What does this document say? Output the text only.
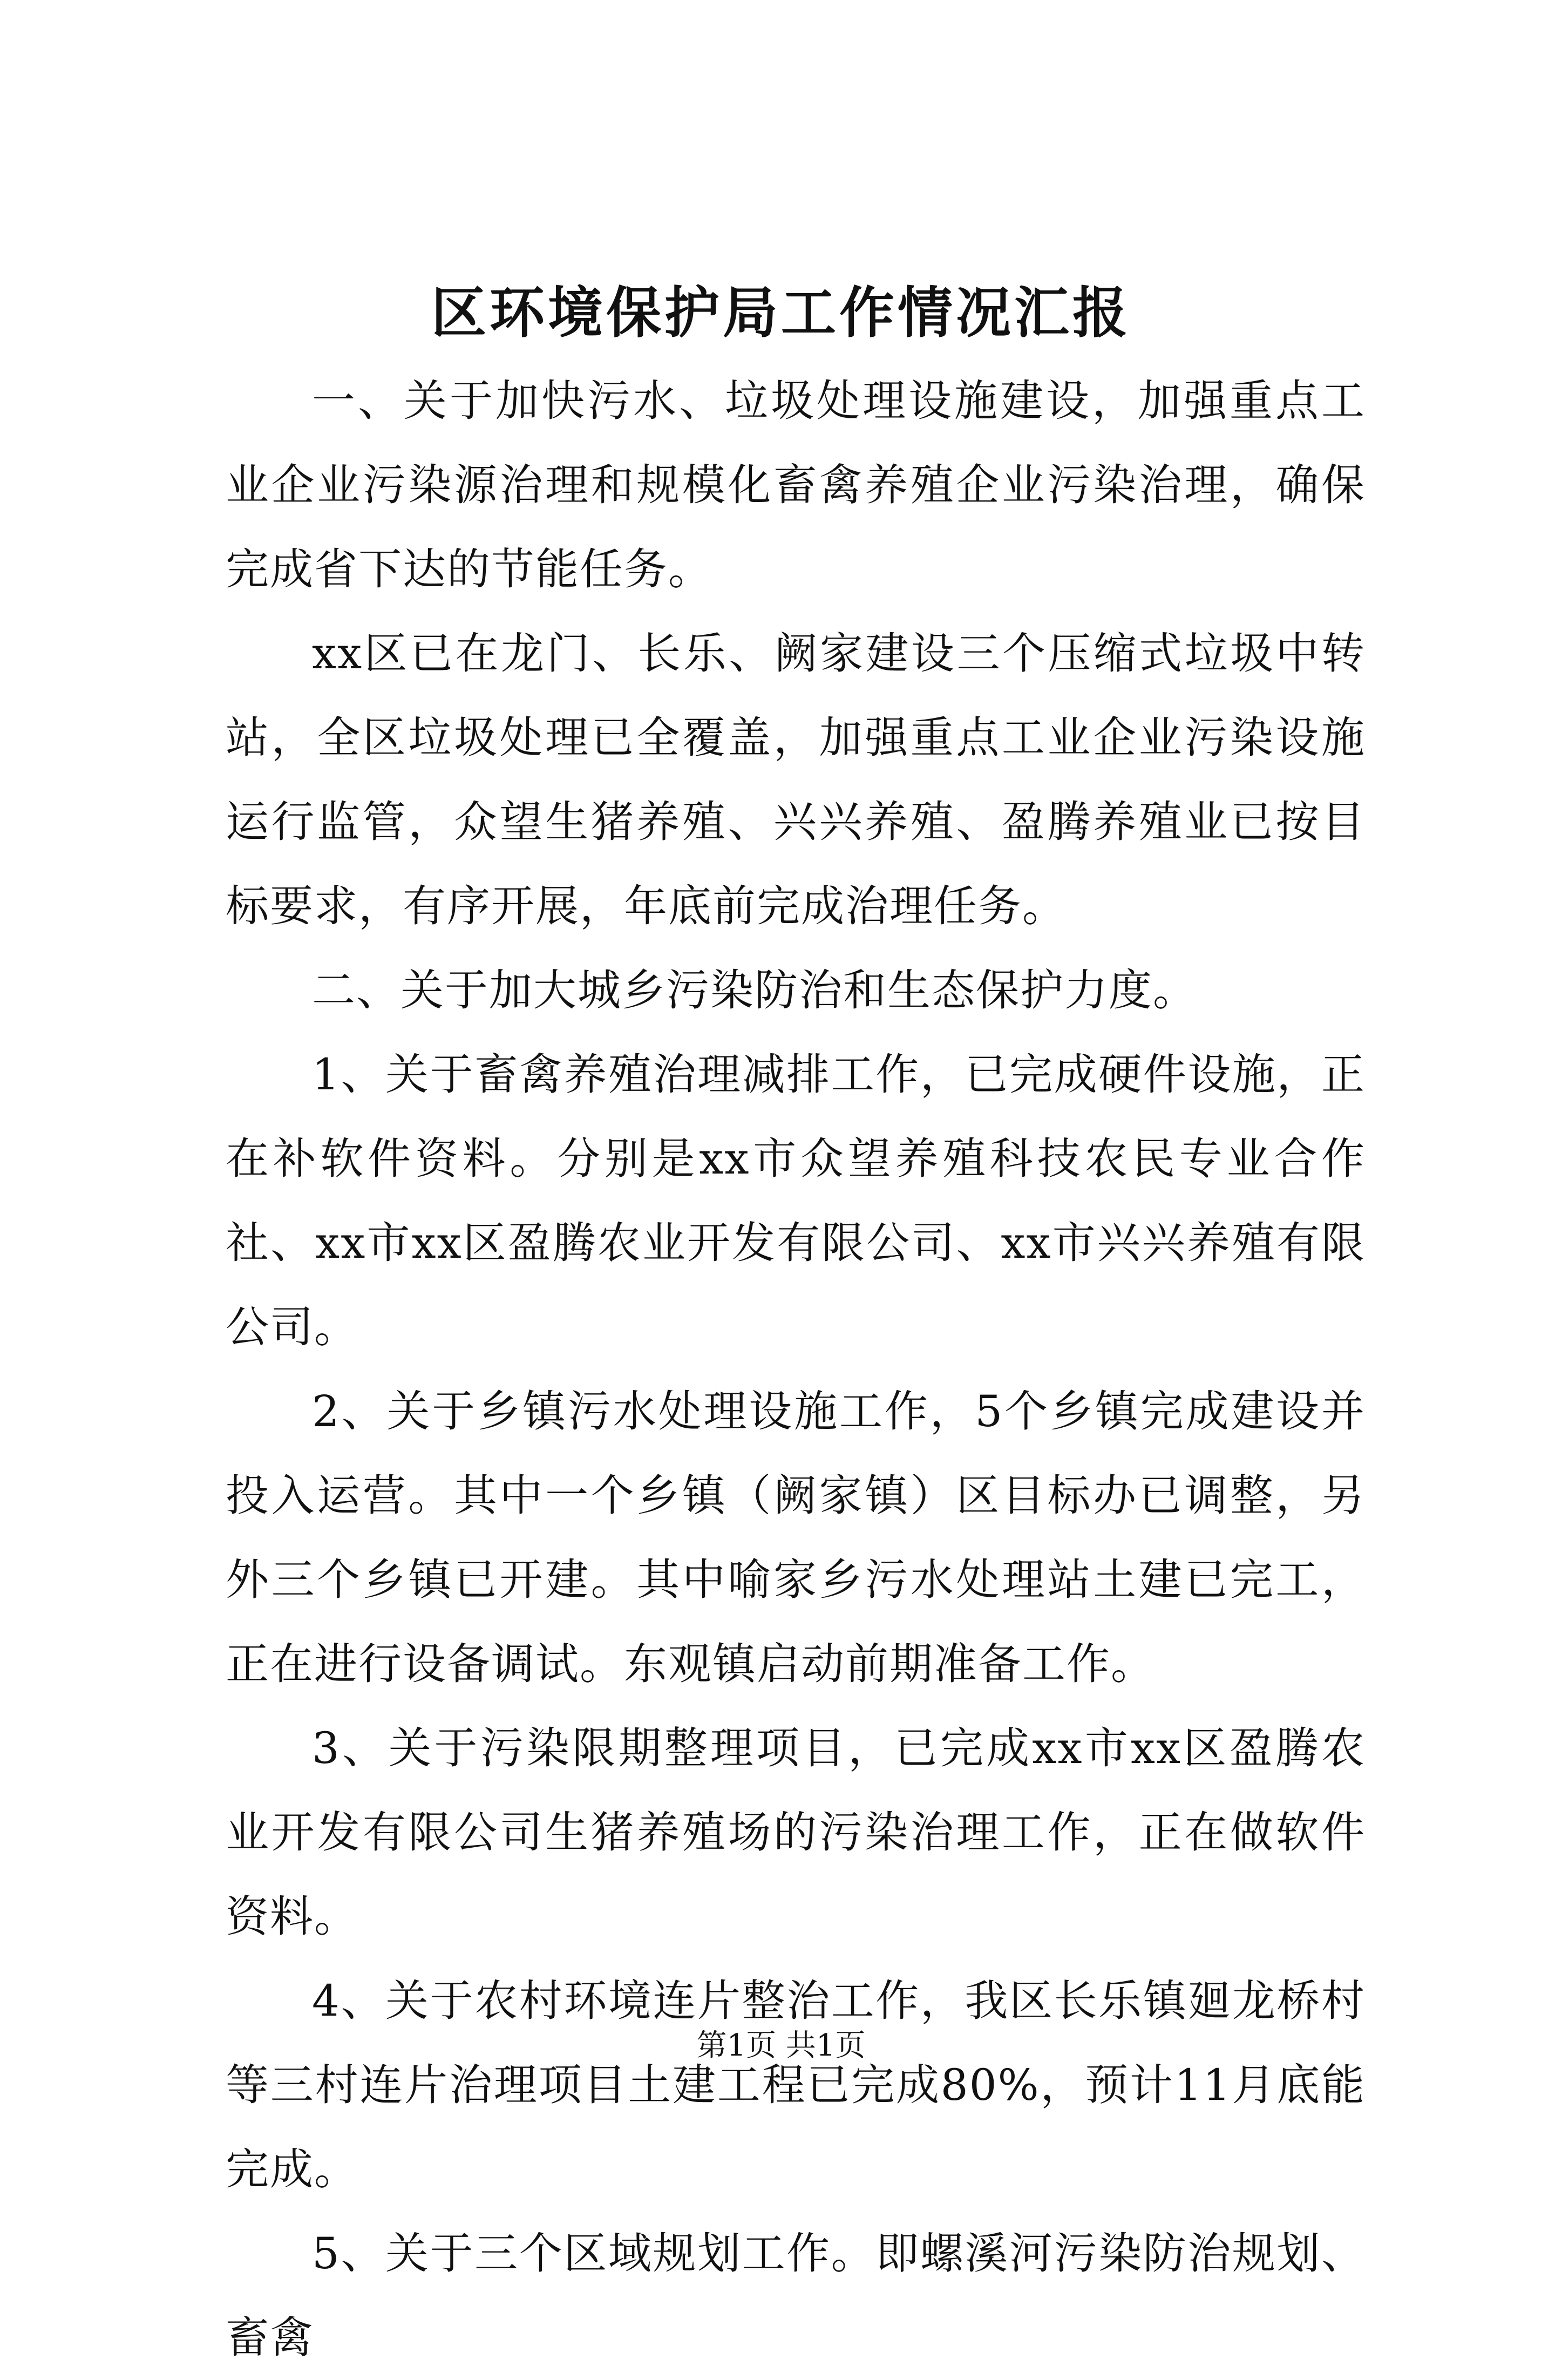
区环境保护局工作情况汇报

一、关于加快污水、垃圾处理设施建设，加强重点工业企业污染源治理和规模化畜禽养殖企业污染治理，确保完成省下达的节能任务。

xx区已在龙门、长乐、阙家建设三个压缩式垃圾中转站，全区垃圾处理已全覆盖，加强重点工业企业污染设施运行监管，众望生猪养殖、兴兴养殖、盈腾养殖业已按目标要求，有序开展，年底前完成治理任务。

二、关于加大城乡污染防治和生态保护力度。

1、关于畜禽养殖治理减排工作，已完成硬件设施，正在补软件资料。分别是xx市众望养殖科技农民专业合作社、xx市xx区盈腾农业开发有限公司、xx市兴兴养殖有限公司。

2、关于乡镇污水处理设施工作，5个乡镇完成建设并投入运营。其中一个乡镇（阙家镇）区目标办已调整，另外三个乡镇已开建。其中喻家乡污水处理站土建已完工，正在进行设备调试。东观镇启动前期准备工作。

3、关于污染限期整理项目，已完成xx市xx区盈腾农业开发有限公司生猪养殖场的污染治理工作，正在做软件资料。

4、关于农村环境连片整治工作，我区长乐镇廻龙桥村等三村连片治理项目土建工程已完成80%，预计11月底能完成。

5、关于三个区域规划工作。即螺溪河污染防治规划、畜禽

第1页 共1页
